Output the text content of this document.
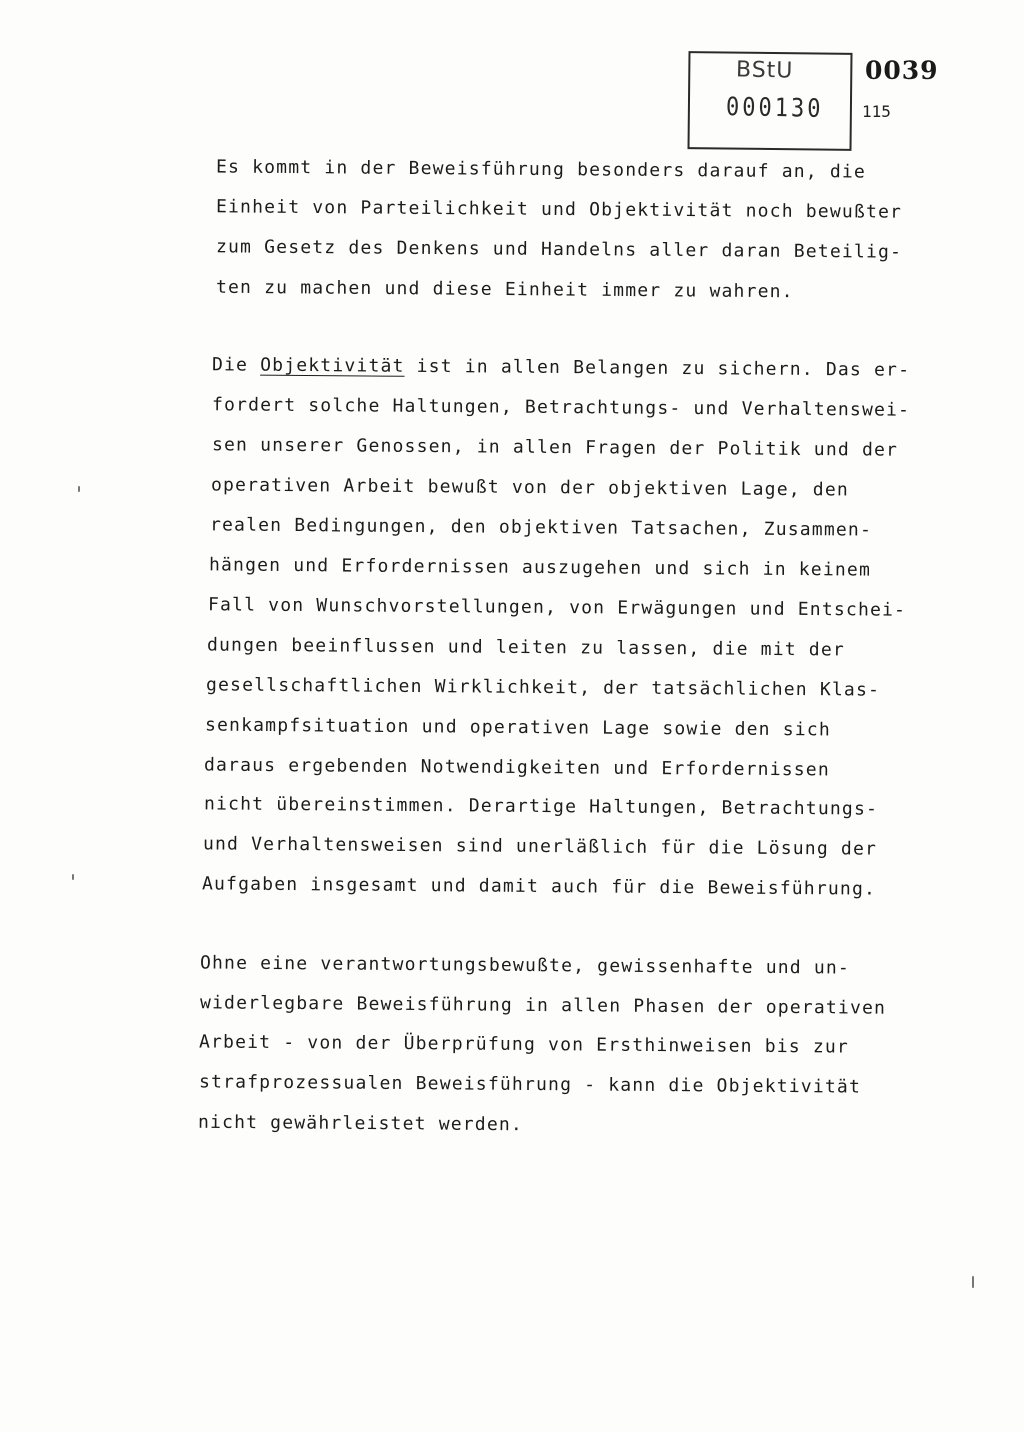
BStU
000130
0039
115
Es kommt in der Beweisführung besonders darauf an, die
Einheit von Parteilichkeit und Objektivität noch bewußter
zum Gesetz des Denkens und Handelns aller daran Beteilig-
ten zu machen und diese Einheit immer zu wahren.
Die Objektivität ist in allen Belangen zu sichern. Das er-
fordert solche Haltungen, Betrachtungs- und Verhaltenswei-
sen unserer Genossen, in allen Fragen der Politik und der
operativen Arbeit bewußt von der objektiven Lage, den
realen Bedingungen, den objektiven Tatsachen, Zusammen-
hängen und Erfordernissen auszugehen und sich in keinem
Fall von Wunschvorstellungen, von Erwägungen und Entschei-
dungen beeinflussen und leiten zu lassen, die mit der
gesellschaftlichen Wirklichkeit, der tatsächlichen Klas-
senkampfsituation und operativen Lage sowie den sich
daraus ergebenden Notwendigkeiten und Erfordernissen
nicht übereinstimmen. Derartige Haltungen, Betrachtungs-
und Verhaltensweisen sind unerläßlich für die Lösung der
Aufgaben insgesamt und damit auch für die Beweisführung.
Ohne eine verantwortungsbewußte, gewissenhafte und un-
widerlegbare Beweisführung in allen Phasen der operativen
Arbeit - von der Überprüfung von Ersthinweisen bis zur
strafprozessualen Beweisführung - kann die Objektivität
nicht gewährleistet werden.
